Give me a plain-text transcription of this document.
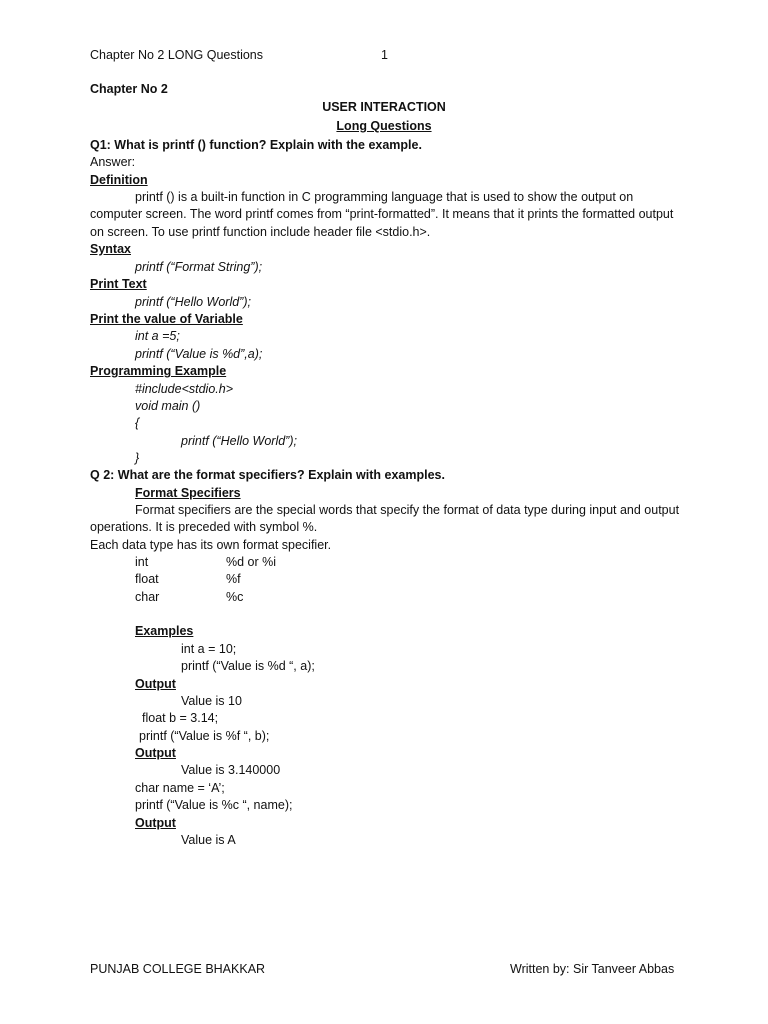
Chapter No 2 LONG Questions	1
Chapter No 2
USER INTERACTION
Long Questions
Q1: What is printf () function? Explain with the example.
Answer:
Definition
printf () is a built-in function in C programming language that is used to show the output on computer screen. The word printf comes from “print-formatted”. It means that it prints the formatted output on screen. To use printf function include header file <stdio.h>.
Syntax
printf (“Format String”);
Print Text
printf (“Hello World”);
Print the value of Variable
int a =5;
printf (“Value is %d”,a);
Programming Example
#include<stdio.h>
void main ()
{
printf (“Hello World”);
}
Q 2: What are the format specifiers? Explain with examples.
Format Specifiers
Format specifiers are the special words that specify the format of data type during input and output operations. It is preceded with symbol %.
Each data type has its own format specifier.
int	%d or %i
float	%f
char	%c
Examples
int a = 10;
printf (“Value is %d “, a);
Output
Value is 10
float b = 3.14;
printf (“Value is %f “, b);
Output
Value is 3.140000
char name = ‘A’;
printf (“Value is %c “, name);
Output
Value is A
PUNJAB COLLEGE BHAKKAR	Written by: Sir Tanveer Abbas
